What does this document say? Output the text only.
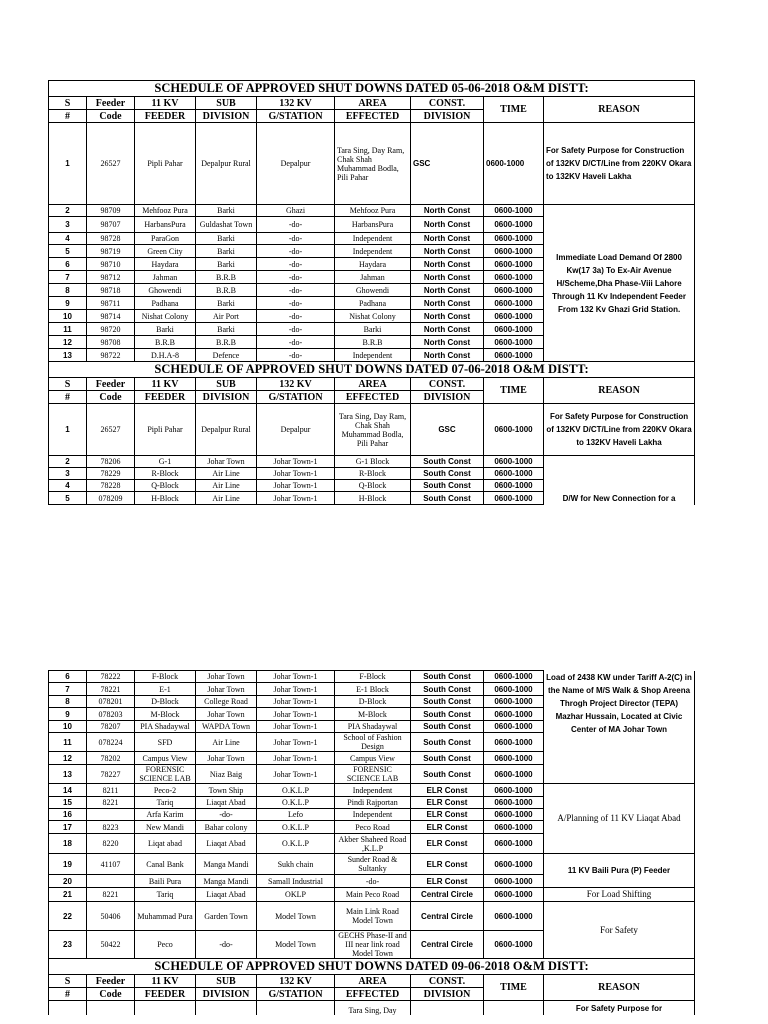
SCHEDULE OF APPROVED SHUT DOWNS DATED 05-06-2018 O&M DISTT:								
S	Feeder	11 KV	SUB	132 KV	AREA	CONST.	TIME	REASON
#	Code	FEEDER	DIVISION	G/STATION	EFFECTED	DIVISION		
1	26527	Pipli Pahar	Depalpur Rural	Depalpur	Tara Sing, Day Ram, Chak Shah Muhammad Bodla, Pili Pahar	GSC	0600-1000	For Safety Purpose for Construction of 132KV D/CT/Line from 220KV Okara to 132KV Haveli Lakha
2	98709	Mehfooz Pura	Barki	Ghazi	Mehfooz Pura	North Const	0600-1000	Immediate Load Demand Of 2800 Kw(17 3a) To Ex-Air Avenue H/Scheme,Dha Phase-Viii Lahore Through 11 Kv Independent Feeder From 132 Kv Ghazi Grid Station.
3	98707	HarbansPura	Guldashat Town	-do-	HarbansPura	North Const	0600-1000	
4	98728	ParaGon	Barki	-do-	Independent	North Const	0600-1000	
5	98719	Green City	Barki	-do-	Independent	North Const	0600-1000	
6	98710	Haydara	Barki	-do-	Haydara	North Const	0600-1000	
7	98712	Jahman	B.R.B	-do-	Jahman	North Const	0600-1000	
8	98718	Ghowendi	B.R.B	-do-	Ghowendi	North Const	0600-1000	
9	98711	Padhana	Barki	-do-	Padhana	North Const	0600-1000	
10	98714	Nishat Colony	Air Port	-do-	Nishat Colony	North Const	0600-1000	
11	98720	Barki	Barki	-do-	Barki	North Const	0600-1000	
12	98708	B.R.B	B.R.B	-do-	B.R.B	North Const	0600-1000	
13	98722	D.H.A-8	Defence	-do-	Independent	North Const	0600-1000	
SCHEDULE OF APPROVED SHUT DOWNS DATED 07-06-2018 O&M DISTT:								
S	Feeder	11 KV	SUB	132 KV	AREA	CONST.	TIME	REASON
#	Code	FEEDER	DIVISION	G/STATION	EFFECTED	DIVISION		
1	26527	Pipli Pahar	Depalpur Rural	Depalpur	Tara Sing, Day Ram, Chak Shah Muhammad Bodla, Pili Pahar	GSC	0600-1000	For Safety Purpose for Construction of 132KV D/CT/Line from 220KV Okara to 132KV Haveli Lakha
2	78206	G-1	Johar Town	Johar Town-1	G-1 Block	South Const	0600-1000	D/W for New Connection for a
3	78229	R-Block	Air Line	Johar Town-1	R-Block	South Const	0600-1000	
4	78228	Q-Block	Air Line	Johar Town-1	Q-Block	South Const	0600-1000	
5	078209	H-Block	Air Line	Johar Town-1	H-Block	South Const	0600-1000	
6	78222	F-Block	Johar Town	Johar Town-1	F-Block	South Const	0600-1000	Load of 2438 KW under Tariff A-2(C) in the Name of M/S Walk & Shop Areena Throgh Project Director (TEPA) Mazhar Hussain, Located at Civic Center of MA Johar Town
7	78221	E-1	Johar Town	Johar Town-1	E-1 Block	South Const	0600-1000	
8	078201	D-Block	College Road	Johar Town-1	D-Block	South Const	0600-1000	
9	078203	M-Block	Johar Town	Johar Town-1	M-Block	South Const	0600-1000	
10	78207	PIA Shadaywal	WAPDA Town	Johar Town-1	PIA Shadaywal	South Const	0600-1000	
11	078224	SFD	Air Line	Johar Town-1	School of Fashion Design	South Const	0600-1000	
12	78202	Campus View	Johar Town	Johar Town-1	Campus View	South Const	0600-1000	
13	78227	FORENSIC SCIENCE LAB	Niaz Baig	Johar Town-1	FORENSIC SCIENCE LAB	South Const	0600-1000	
14	8211	Peco-2	Town Ship	O.K.L.P	Independent	ELR Const	0600-1000	A/Planning of 11 KV Liaqat Abad
15	8221	Tariq	Liaqat Abad	O.K.L.P	Pindi Rajportan	ELR Const	0600-1000	
16		Arfa Karim	-do-	Lefo	Independent	ELR Const	0600-1000	
17	8223	New Mandi	Bahar colony	O.K.L.P	Peco Road	ELR Const	0600-1000	
18	8220	Liqat abad	Liaqat Abad	O.K.L.P	Akber Shaheed Road ,K.L.P	ELR Const	0600-1000	
19	41107	Canal Bank	Manga Mandi	Sukh chain	Sunder Road & Sultanky	ELR Const	0600-1000	11 KV Baili Pura (P) Feeder
20		Baili Pura	Manga Mandi	Samall Industrial	-do-	ELR Const	0600-1000	
21	8221	Tariq	Liaqat Abad	OKLP	Main Peco Road	Central Circle	0600-1000	For Load Shifting
22	50406	Muhammad Pura	Garden Town	Model Town	Main Link Road Model Town	Central Circle	0600-1000	For Safety
23	50422	Peco	-do-	Model Town	GECHS Phase-II and III near link road Model Town	Central Circle	0600-1000	
SCHEDULE OF APPROVED SHUT DOWNS DATED 09-06-2018 O&M DISTT:								
S	Feeder	11 KV	SUB	132 KV	AREA	CONST.	TIME	REASON
#	Code	FEEDER	DIVISION	G/STATION	EFFECTED	DIVISION		
					Tara Sing, Day			For Safety Purpose for
